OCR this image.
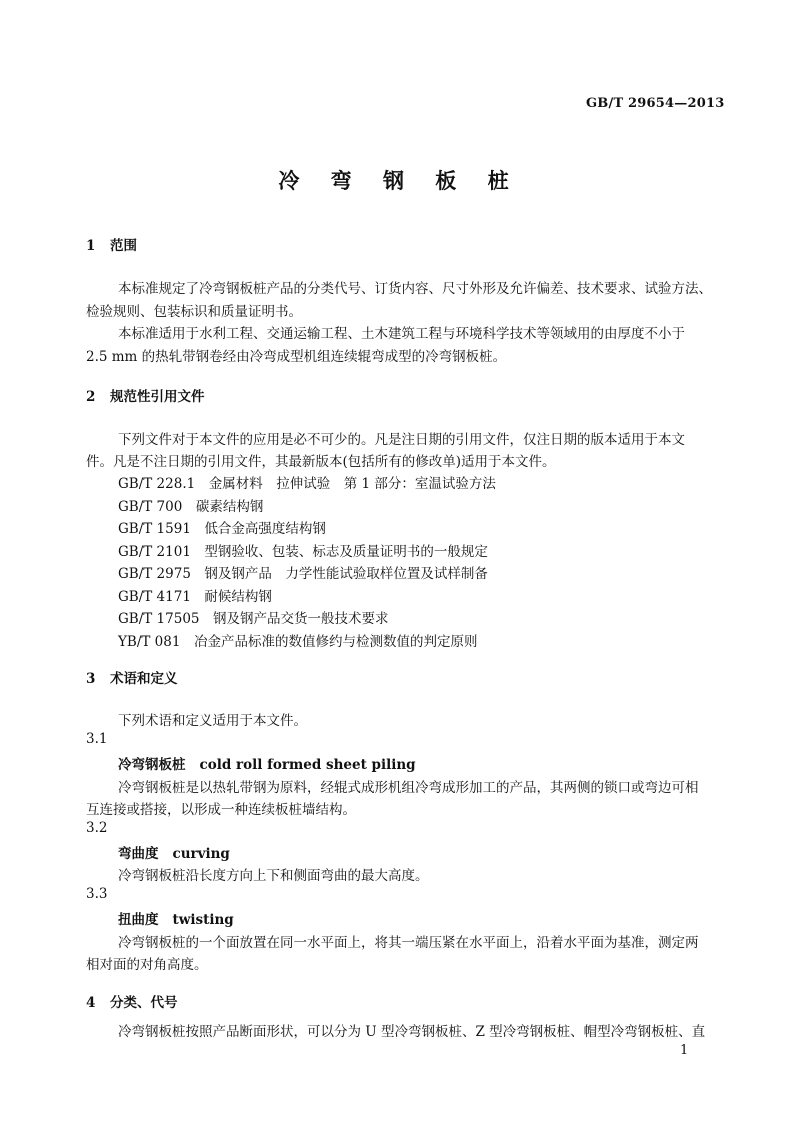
GB/T 29654—2013
冷 弯 钢 板 桩
1 范围
本标准规定了冷弯钢板桩产品的分类代号、订货内容、尺寸外形及允许偏差、技术要求、试验方法、
检验规则、包装标识和质量证明书。
本标准适用于水利工程、交通运输工程、土木建筑工程与环境科学技术等领域用的由厚度不小于
2.5 mm 的热轧带钢卷经由冷弯成型机组连续辊弯成型的冷弯钢板桩。
2 规范性引用文件
下列文件对于本文件的应用是必不可少的。凡是注日期的引用文件，仅注日期的版本适用于本文
件。凡是不注日期的引用文件，其最新版本(包括所有的修改单)适用于本文件。
GB/T 228.1　 金属材料　拉伸试验　第 1 部分：室温试验方法
GB/T 700　 碳素结构钢
GB/T 1591　 低合金高强度结构钢
GB/T 2101　 型钢验收、包装、标志及质量证明书的一般规定
GB/T 2975　 钢及钢产品　力学性能试验取样位置及试样制备
GB/T 4171　 耐候结构钢
GB/T 17505　 钢及钢产品交货一般技术要求
YB/T 081　 冶金产品标准的数值修约与检测数值的判定原则
3 术语和定义
下列术语和定义适用于本文件。
3.1
冷弯钢板桩 cold roll formed sheet piling
冷弯钢板桩是以热轧带钢为原料，经辊式成形机组冷弯成形加工的产品，其两侧的锁口或弯边可相
互连接或搭接，以形成一种连续板桩墙结构。
3.2
弯曲度 curving
冷弯钢板桩沿长度方向上下和侧面弯曲的最大高度。
3.3
扭曲度 twisting
冷弯钢板桩的一个面放置在同一水平面上，将其一端压紧在水平面上，沿着水平面为基准，测定两
相对面的对角高度。
4 分类、代号
冷弯钢板桩按照产品断面形状，可以分为 U 型冷弯钢板桩、Z 型冷弯钢板桩、帽型冷弯钢板桩、直
1
